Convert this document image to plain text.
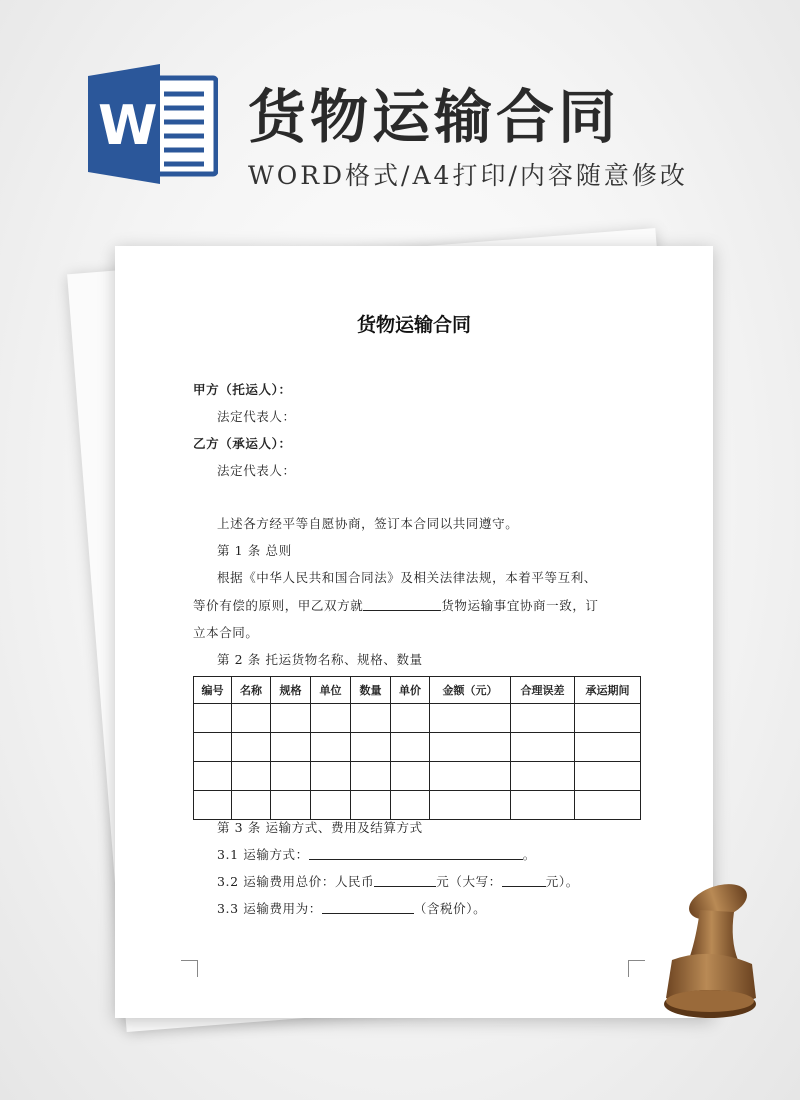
W 货物运输合同
WORD格式/A4打印/内容随意修改
货物运输合同
甲方（托运人）：
法定代表人：
乙方（承运人）：
法定代表人：
上述各方经平等自愿协商，签订本合同以共同遵守。
第 1 条 总则
根据《中华人民共和国合同法》及相关法律法规，本着平等互利、
等价有偿的原则，甲乙双方就	货物运输事宜协商一致，订
立本合同。
第 2 条 托运货物名称、规格、数量
编号	名称	规格	单位	数量	单价	金额（元）	合理误差	承运期间

第 3 条 运输方式、费用及结算方式
3.1 运输方式：	。
3.2 运输费用总价：人民币	元（大写：	元）。
3.3 运输费用为：	（含税价）。
